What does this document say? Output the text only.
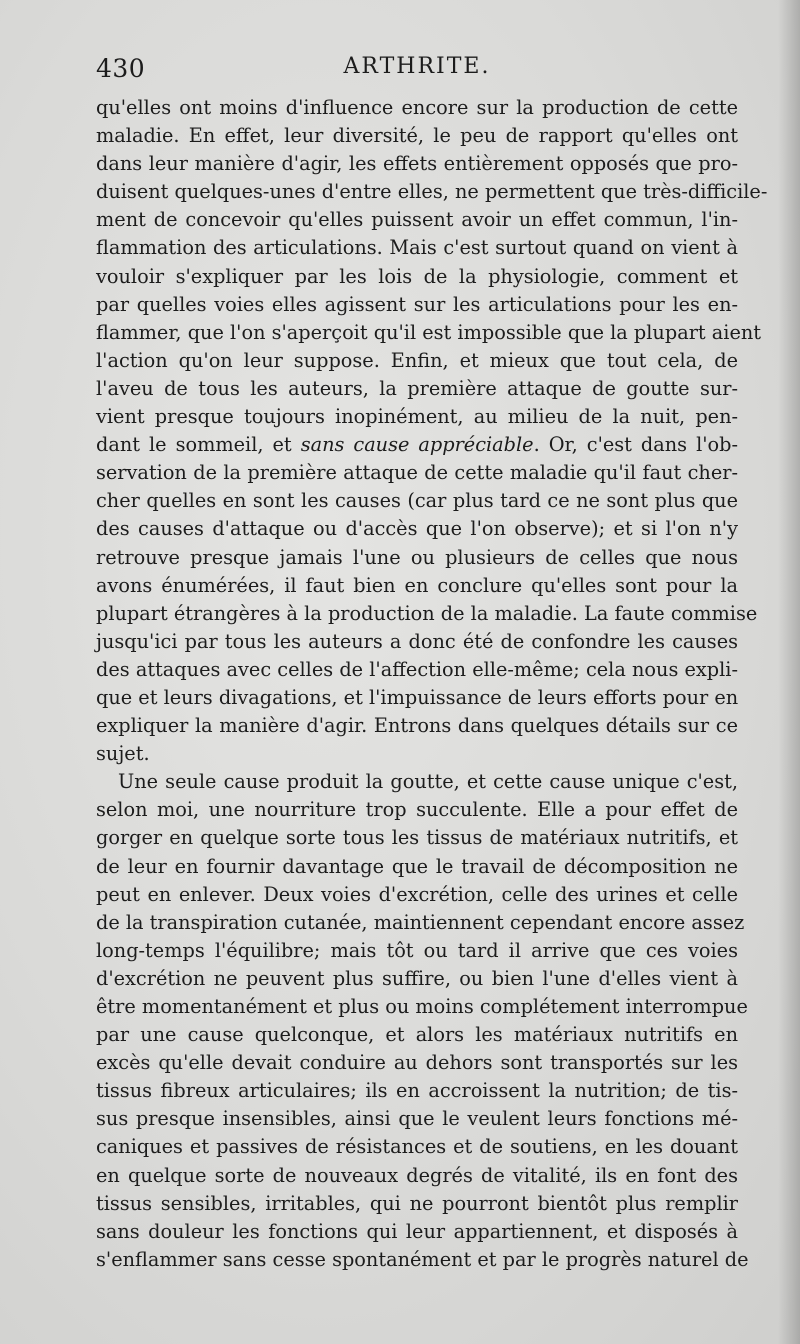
430	ARTHRITE.
qu'elles ont moins d'influence encore sur la production de cette
maladie. En effet, leur diversité, le peu de rapport qu'elles ont
dans leur manière d'agir, les effets entièrement opposés que pro-
duisent quelques-unes d'entre elles, ne permettent que très-difficile-
ment de concevoir qu'elles puissent avoir un effet commun, l'in-
flammation des articulations. Mais c'est surtout quand on vient à
vouloir s'expliquer par les lois de la physiologie, comment et
par quelles voies elles agissent sur les articulations pour les en-
flammer, que l'on s'aperçoit qu'il est impossible que la plupart aient
l'action qu'on leur suppose. Enfin, et mieux que tout cela, de
l'aveu de tous les auteurs, la première attaque de goutte sur-
vient presque toujours inopinément, au milieu de la nuit, pen-
dant le sommeil, et sans cause appréciable. Or, c'est dans l'ob-
servation de la première attaque de cette maladie qu'il faut cher-
cher quelles en sont les causes (car plus tard ce ne sont plus que
des causes d'attaque ou d'accès que l'on observe); et si l'on n'y
retrouve presque jamais l'une ou plusieurs de celles que nous
avons énumérées, il faut bien en conclure qu'elles sont pour la
plupart étrangères à la production de la maladie. La faute commise
jusqu'ici par tous les auteurs a donc été de confondre les causes
des attaques avec celles de l'affection elle-même; cela nous expli-
que et leurs divagations, et l'impuissance de leurs efforts pour en
expliquer la manière d'agir. Entrons dans quelques détails sur ce
sujet.
Une seule cause produit la goutte, et cette cause unique c'est,
selon moi, une nourriture trop succulente. Elle a pour effet de
gorger en quelque sorte tous les tissus de matériaux nutritifs, et
de leur en fournir davantage que le travail de décomposition ne
peut en enlever. Deux voies d'excrétion, celle des urines et celle
de la transpiration cutanée, maintiennent cependant encore assez
long-temps l'équilibre; mais tôt ou tard il arrive que ces voies
d'excrétion ne peuvent plus suffire, ou bien l'une d'elles vient à
être momentanément et plus ou moins complétement interrompue
par une cause quelconque, et alors les matériaux nutritifs en
excès qu'elle devait conduire au dehors sont transportés sur les
tissus fibreux articulaires; ils en accroissent la nutrition; de tis-
sus presque insensibles, ainsi que le veulent leurs fonctions mé-
caniques et passives de résistances et de soutiens, en les douant
en quelque sorte de nouveaux degrés de vitalité, ils en font des
tissus sensibles, irritables, qui ne pourront bientôt plus remplir
sans douleur les fonctions qui leur appartiennent, et disposés à
s'enflammer sans cesse spontanément et par le progrès naturel de
